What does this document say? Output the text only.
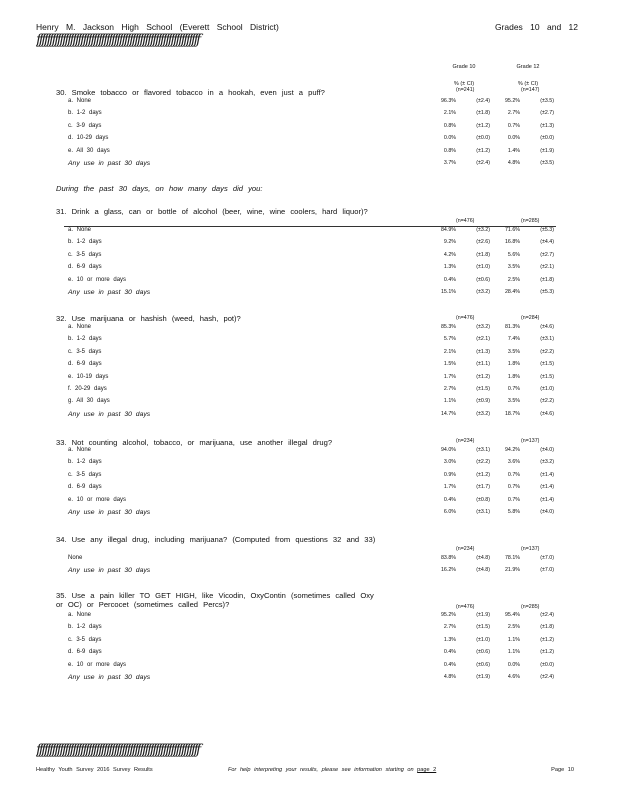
Henry M. Jackson High School (Everett School District)	Grades 10 and 12
ƒƒƒƒƒƒƒƒƒƒƒƒƒƒƒƒƒƒƒƒƒƒƒƒƒƒƒƒƒƒƒƒƒƒƒƒƒƒƒƒƒƒƒƒƒƒƒƒƒƒƒƒƒƒƒƒƒƒƒƒƒƒƒ
Grade 10	Grade 12
% (± CI)	% (± CI)
30. Smoke tobacco or flavored tobacco in a hookah, even just a puff?	(n=241)	(n=147)
a. None	96.3%	(±2.4)	95.2%	(±3.5)
b. 1-2 days	2.1%	(±1.8)	2.7%	(±2.7)
c. 3-9 days	0.8%	(±1.2)	0.7%	(±1.3)
d. 10-29 days	0.0%	(±0.0)	0.0%	(±0.0)
e. All 30 days	0.8%	(±1.2)	1.4%	(±1.9)
Any use in past 30 days	3.7%	(±2.4)	4.8%	(±3.5)
During the past 30 days, on how many days did you:
31. Drink a glass, can or bottle of alcohol (beer, wine, wine coolers, hard liquor)?
(n=476)	(n=285)
a. None	84.9%	(±3.2)	71.6%	(±5.3)
b. 1-2 days	9.2%	(±2.6)	16.8%	(±4.4)
c. 3-5 days	4.2%	(±1.8)	5.6%	(±2.7)
d. 6-9 days	1.3%	(±1.0)	3.5%	(±2.1)
e. 10 or more days	0.4%	(±0.6)	2.5%	(±1.8)
Any use in past 30 days	15.1%	(±3.2)	28.4%	(±5.3)
32. Use marijuana or hashish (weed, hash, pot)?	(n=476)	(n=284)
a. None	85.3%	(±3.2)	81.3%	(±4.6)
b. 1-2 days	5.7%	(±2.1)	7.4%	(±3.1)
c. 3-5 days	2.1%	(±1.3)	3.5%	(±2.2)
d. 6-9 days	1.5%	(±1.1)	1.8%	(±1.5)
e. 10-19 days	1.7%	(±1.2)	1.8%	(±1.5)
f. 20-29 days	2.7%	(±1.5)	0.7%	(±1.0)
g. All 30 days	1.1%	(±0.9)	3.5%	(±2.2)
Any use in past 30 days	14.7%	(±3.2)	18.7%	(±4.6)
33. Not counting alcohol, tobacco, or marijuana, use another illegal drug?	(n=234)	(n=137)
a. None	94.0%	(±3.1)	94.2%	(±4.0)
b. 1-2 days	3.0%	(±2.2)	3.6%	(±3.2)
c. 3-5 days	0.9%	(±1.2)	0.7%	(±1.4)
d. 6-9 days	1.7%	(±1.7)	0.7%	(±1.4)
e. 10 or more days	0.4%	(±0.8)	0.7%	(±1.4)
Any use in past 30 days	6.0%	(±3.1)	5.8%	(±4.0)
34. Use any illegal drug, including marijuana? (Computed from questions 32 and 33)
(n=234)	(n=137)
None	83.8%	(±4.8)	78.1%	(±7.0)
Any use in past 30 days	16.2%	(±4.8)	21.9%	(±7.0)
35. Use a pain killer TO GET HIGH, like Vicodin, OxyContin (sometimes called Oxy or OC) or Percocet (sometimes called Percs)?	(n=476)	(n=285)
a. None	95.2%	(±1.9)	95.4%	(±2.4)
b. 1-2 days	2.7%	(±1.5)	2.5%	(±1.8)
c. 3-5 days	1.3%	(±1.0)	1.1%	(±1.2)
d. 6-9 days	0.4%	(±0.6)	1.1%	(±1.2)
e. 10 or more days	0.4%	(±0.6)	0.0%	(±0.0)
Any use in past 30 days	4.8%	(±1.9)	4.6%	(±2.4)
ƒƒƒƒƒƒƒƒƒƒƒƒƒƒƒƒƒƒƒƒƒƒƒƒƒƒƒƒƒƒƒƒƒƒƒƒƒƒƒƒƒƒƒƒƒƒƒƒƒƒƒƒƒƒƒƒƒƒƒƒƒƒƒ
Healthy Youth Survey 2016 Survey Results	For help interpreting your results, please see information starting on page 2	Page 10
